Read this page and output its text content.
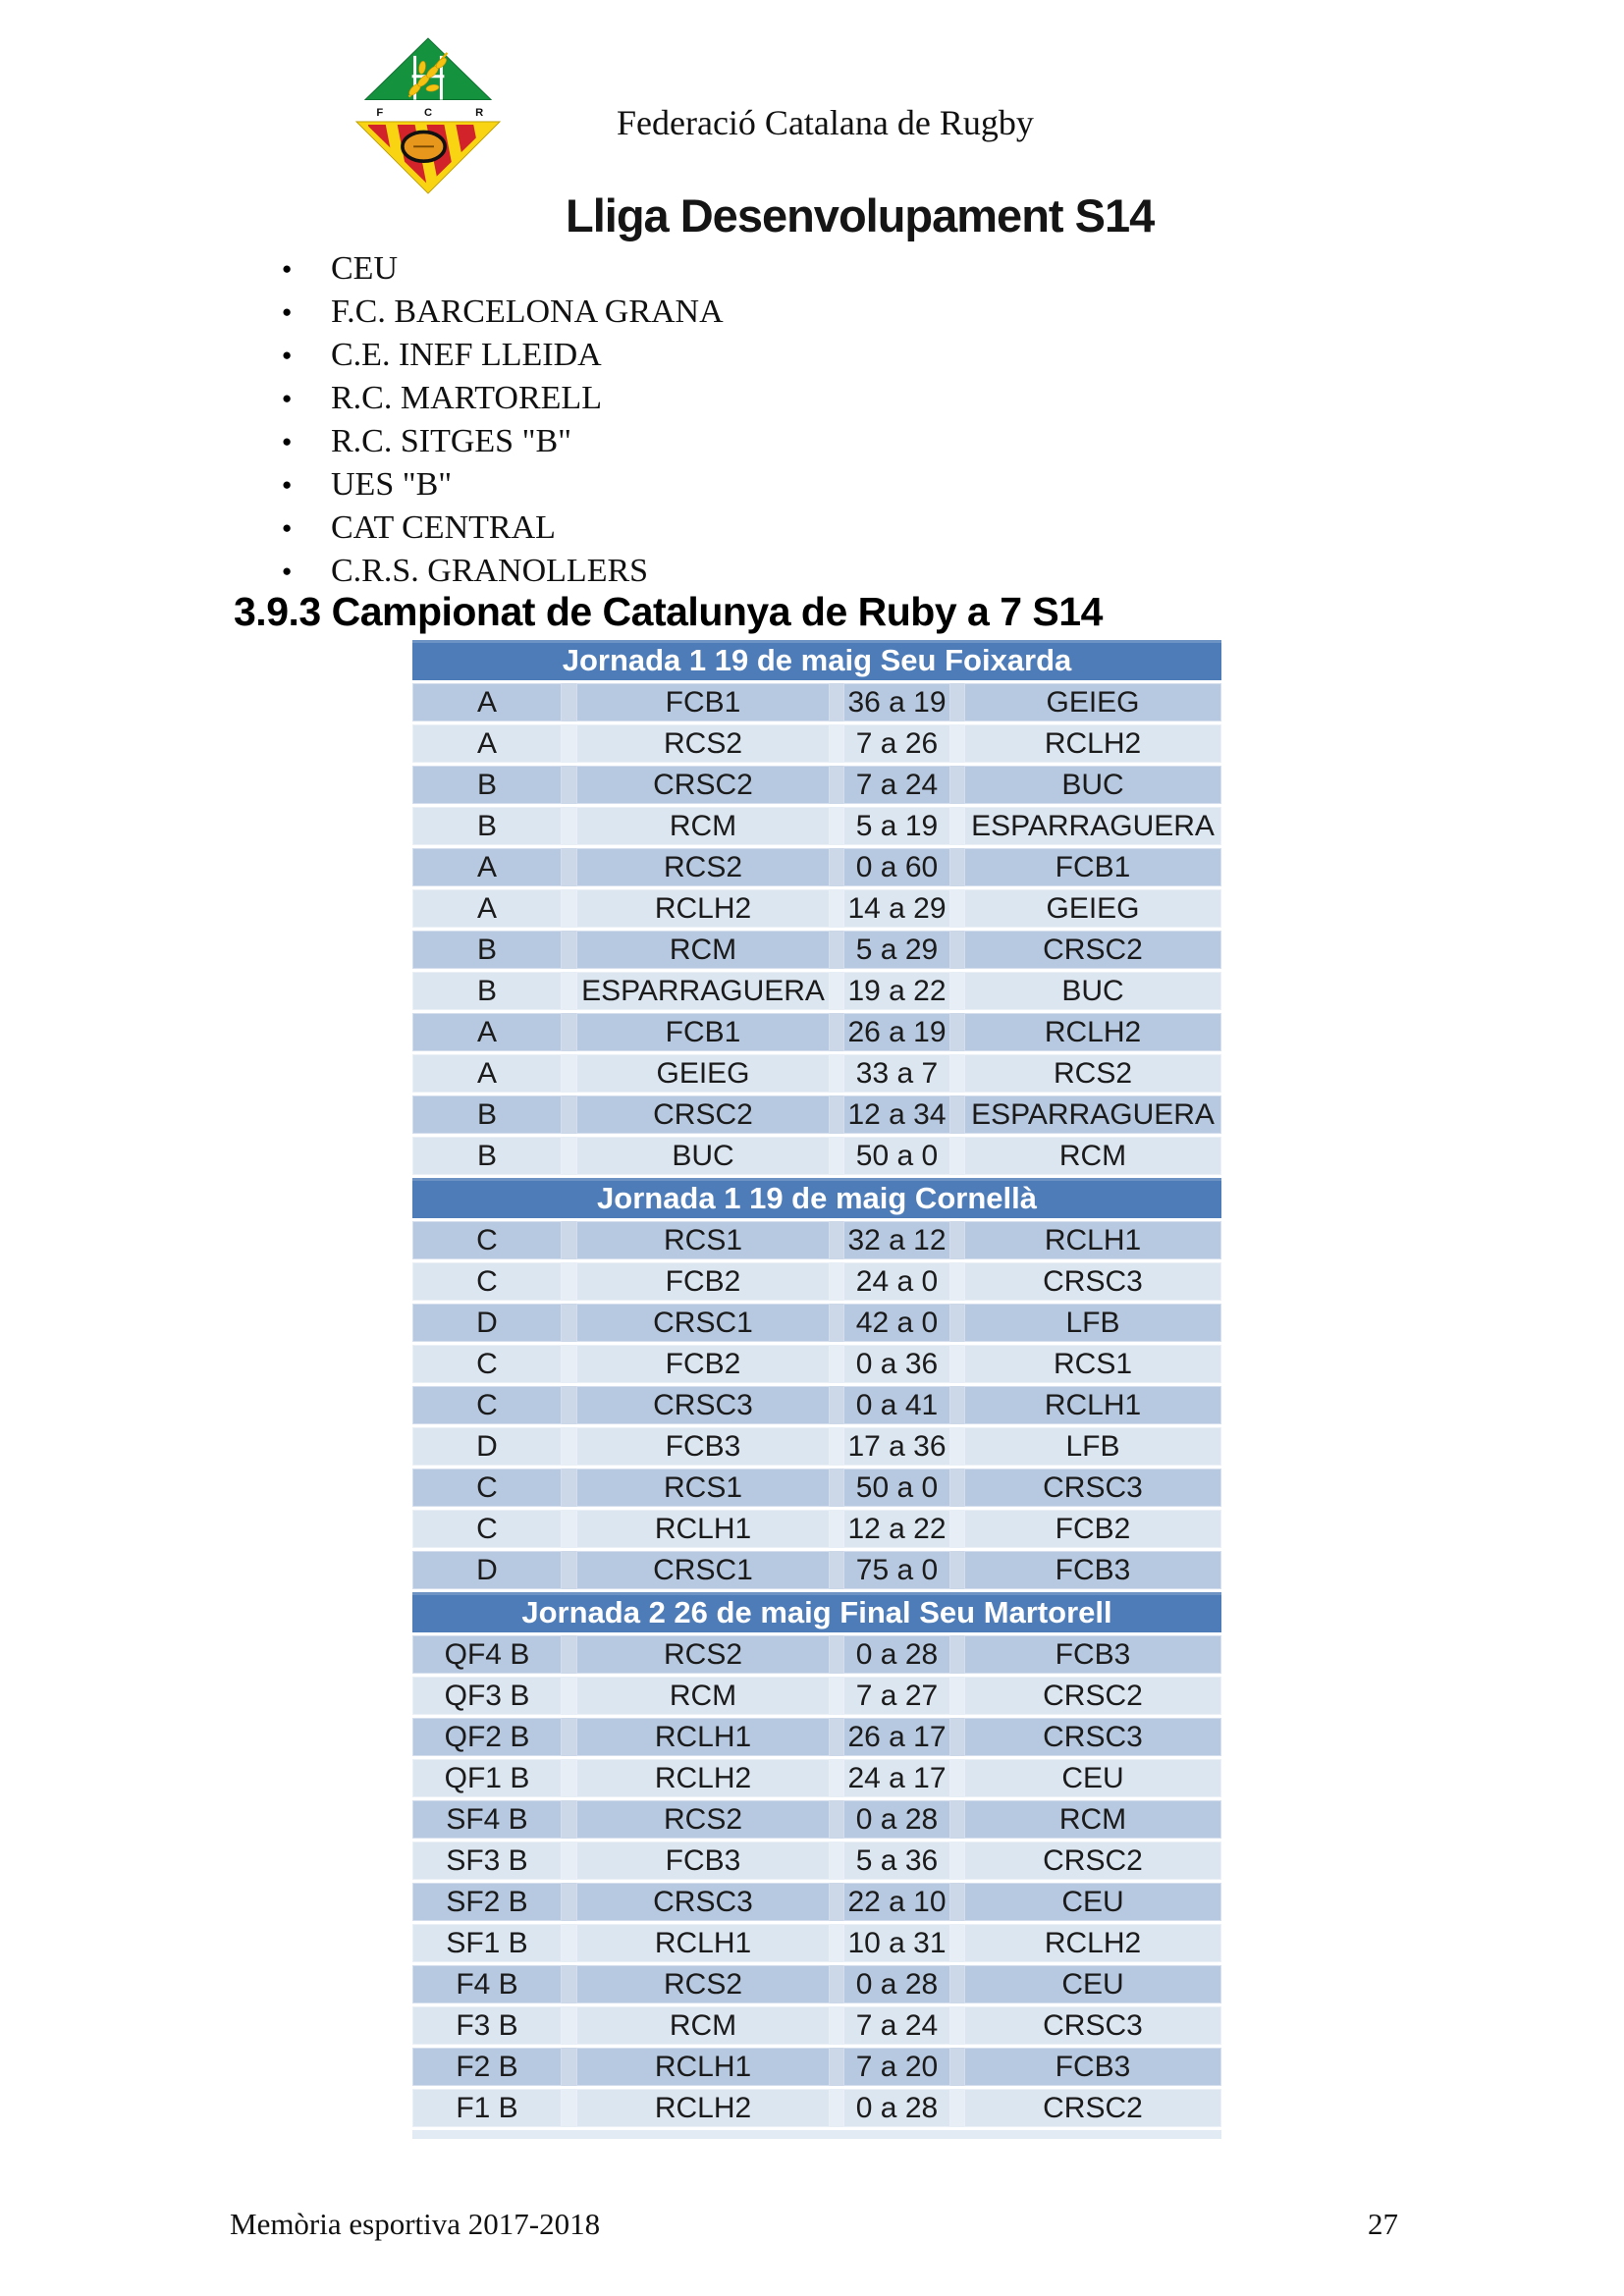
F	C	R	Federació Catalana de Rugby
Lliga Desenvolupament S14
● CEU
● F.C. BARCELONA GRANA
● C.E. INEF LLEIDA
● R.C. MARTORELL
● R.C. SITGES "B"
● UES "B"
● CAT CENTRAL
● C.R.S. GRANOLLERS
3.9.3 Campionat de Catalunya de Ruby a 7 S14
Jornada 1 19 de maig Seu Foixarda
A	FCB1	36 a 19	GEIEG
A	RCS2	7 a 26	RCLH2
B	CRSC2	7 a 24	BUC
B	RCM	5 a 19	ESPARRAGUERA
A	RCS2	0 a 60	FCB1
A	RCLH2	14 a 29	GEIEG
B	RCM	5 a 29	CRSC2
B	ESPARRAGUERA 19 a 22	BUC
A	FCB1	26 a 19	RCLH2
A	GEIEG	33 a 7	RCS2
B	CRSC2	12 a 34 ESPARRAGUERA
B	BUC	50 a 0	RCM
Jornada 1 19 de maig Cornellà
C	RCS1	32 a 12	RCLH1
C	FCB2	24 a 0	CRSC3
D	CRSC1	42 a 0	LFB
C	FCB2	0 a 36	RCS1
C	CRSC3	0 a 41	RCLH1
D	FCB3	17 a 36	LFB
C	RCS1	50 a 0	CRSC3
C	RCLH1	12 a 22	FCB2
D	CRSC1	75 a 0	FCB3
Jornada 2 26 de maig Final Seu Martorell
QF4 B	RCS2	0 a 28	FCB3
QF3 B	RCM	7 a 27	CRSC2
QF2 B	RCLH1	26 a 17	CRSC3
QF1 B	RCLH2	24 a 17	CEU
SF4 B	RCS2	0 a 28	RCM
SF3 B	FCB3	5 a 36	CRSC2
SF2 B	CRSC3	22 a 10	CEU
SF1 B	RCLH1	10 a 31	RCLH2
F4 B	RCS2	0 a 28	CEU
F3 B	RCM	7 a 24	CRSC3
F2 B	RCLH1	7 a 20	FCB3
F1 B	RCLH2	0 a 28	CRSC2
Memòria esportiva 2017-2018	27
